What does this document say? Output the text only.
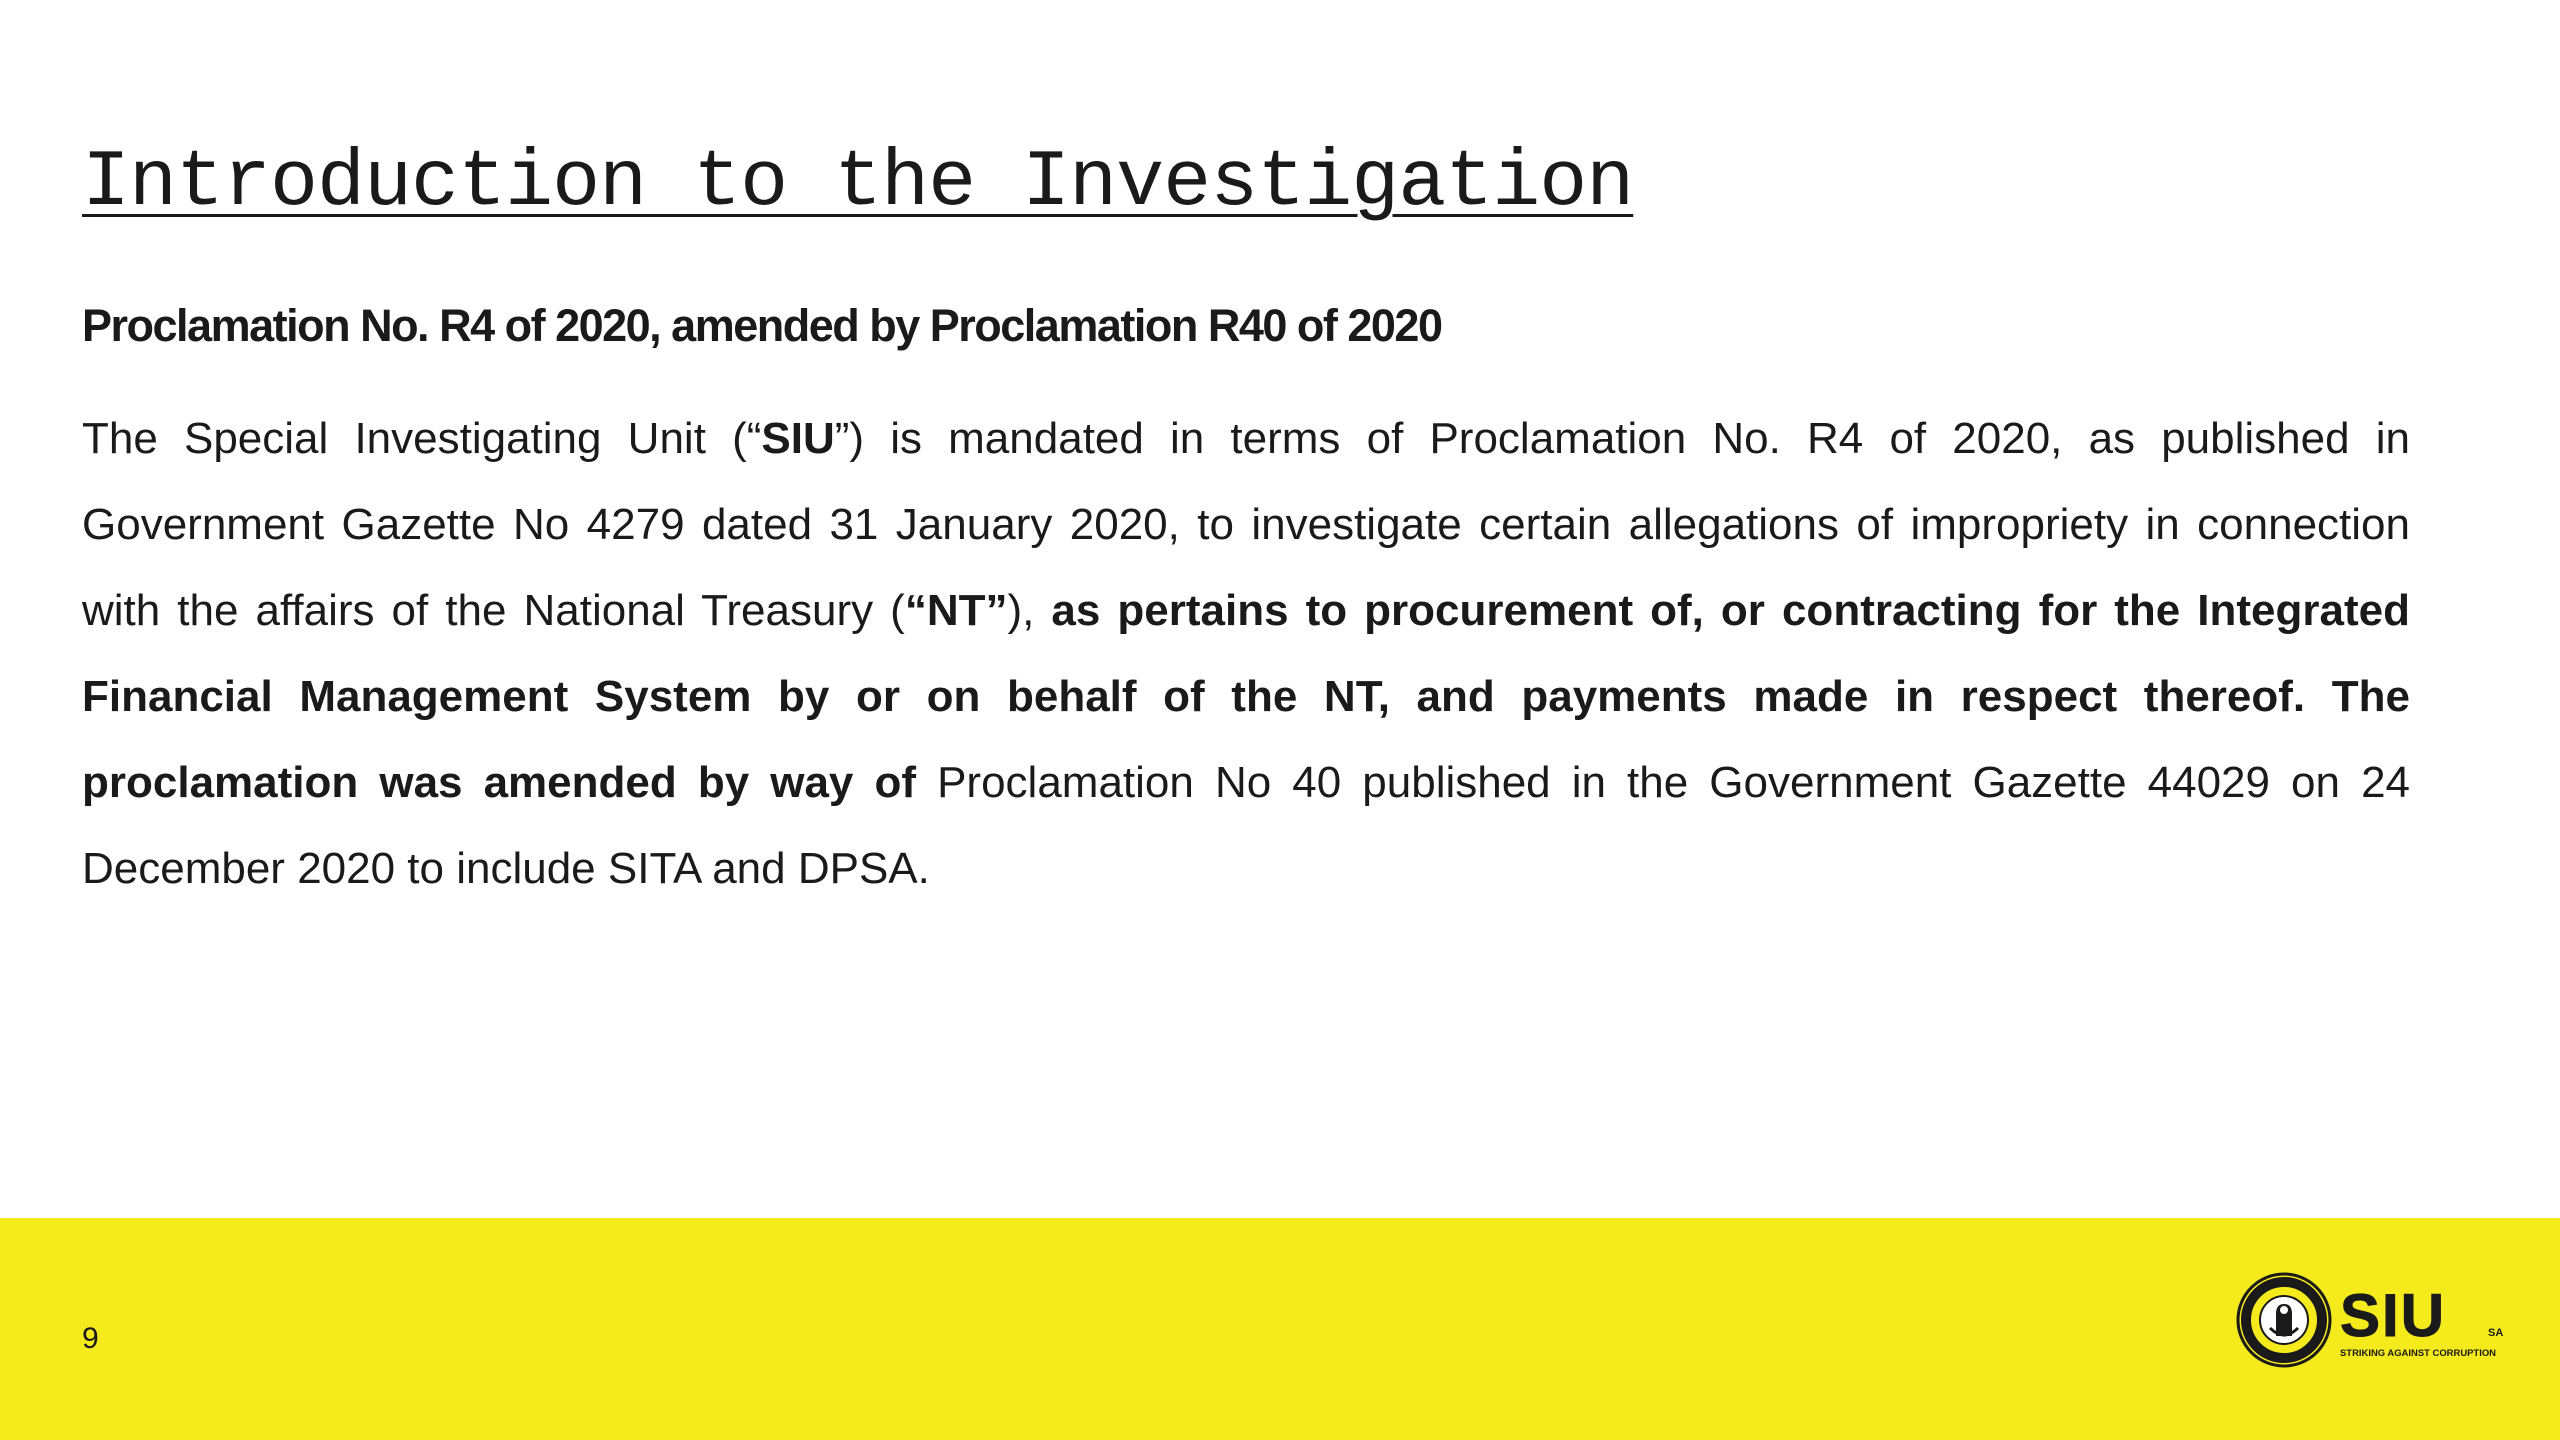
Introduction to the Investigation
Proclamation No. R4 of 2020, amended by Proclamation R40 of 2020

The Special Investigating Unit (“SIU”) is mandated in terms of Proclamation No. R4 of 2020, as published in Government Gazette No 4279 dated 31 January 2020, to investigate certain allegations of impropriety in connection with the affairs of the National Treasury (“NT”), as pertains to procurement of, or contracting for the Integrated Financial Management System by or on behalf of the NT, and payments made in respect thereof. The proclamation was amended by way of Proclamation No 40 published in the Government Gazette 44029 on 24 December 2020 to include SITA and DPSA.

9	SIU	SA
STRIKING AGAINST CORRUPTION
